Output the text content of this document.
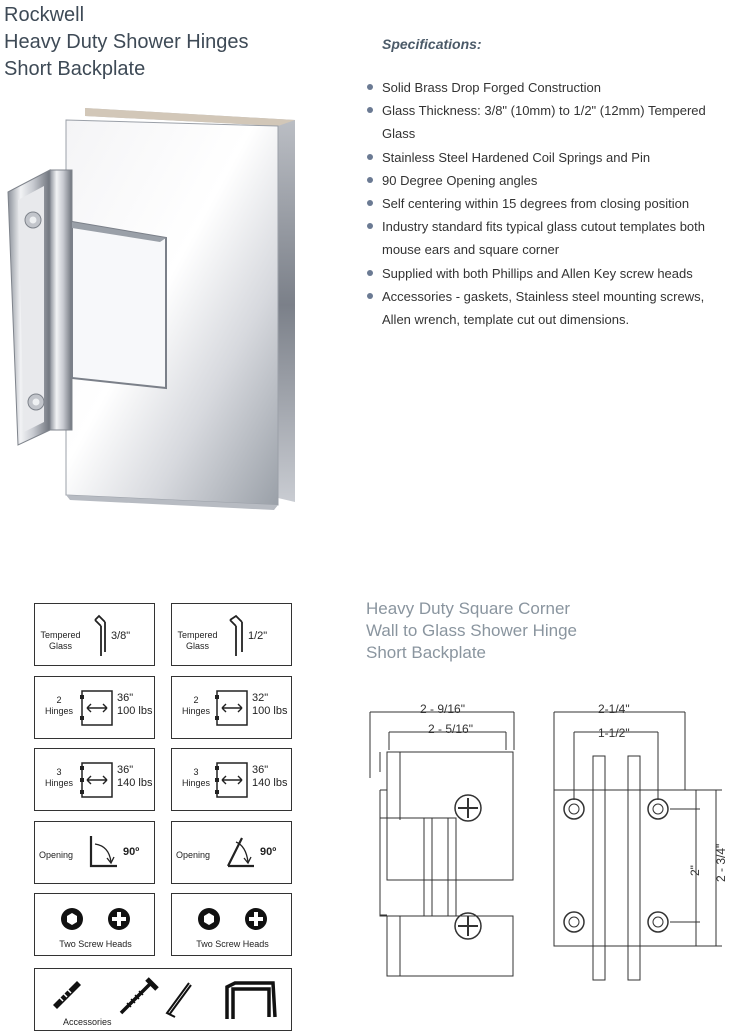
Rockwell
Heavy Duty Shower Hinges
Short Backplate
Specifications:
Solid Brass Drop Forged Construction
Glass Thickness: 3/8" (10mm) to 1/2" (12mm) Tempered Glass
Stainless Steel Hardened Coil Springs and Pin
90 Degree Opening angles
Self centering within 15 degrees from closing position
Industry standard fits typical glass cutout templates both mouse ears and square corner
Supplied with both Phillips and Allen Key screw heads
Accessories - gaskets, Stainless steel mounting screws, Allen wrench, template cut out dimensions.
Tempered
Glass
3/8"	Tempered
Glass
1/2"
2
Hinges
36"
100 lbs
2
Hinges
32"
100 lbs
3
Hinges
36"
140 lbs
3
Hinges
36"
140 lbs
Opening	90º	Opening	90º
Two Screw Heads	Two Screw Heads
Accessories
Heavy Duty Square Corner
Wall to Glass Shower Hinge
Short Backplate
2 - 9/16"
2 - 5/16"
2-1/4"
1-1/2"
2" 2 - 3/4"
